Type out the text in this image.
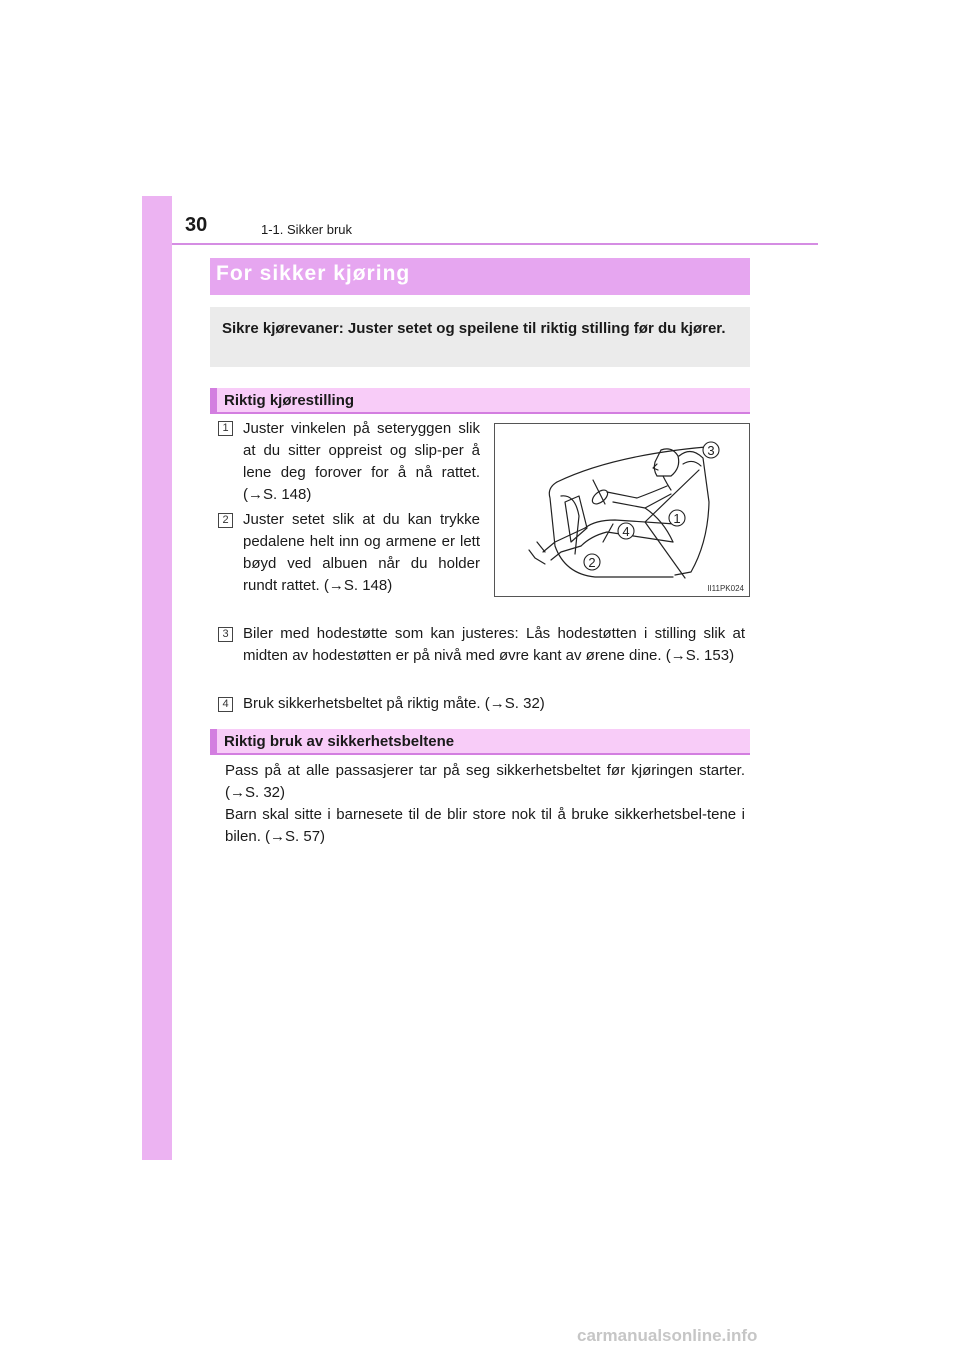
30	1-1. Sikker bruk
For sikker kjøring
Sikre kjørevaner: Juster setet og speilene til riktig stilling før du kjører.
Riktig kjørestilling
1 Juster vinkelen på seteryggen slik at du sitter oppreist og slip-per å lene deg forover for å nå rattet. (→S. 148)
2 Juster setet slik at du kan trykke pedalene helt inn og armene er lett bøyd ved albuen når du holder rundt rattet. (→S. 148)
3 Biler med hodestøtte som kan justeres: Lås hodestøtten i stilling slik at midten av hodestøtten er på nivå med øvre kant av ørene dine. (→S. 153)
4 Bruk sikkerhetsbeltet på riktig måte. (→S. 32)
3
1
4
2
II11PK024
Riktig bruk av sikkerhetsbeltene
Pass på at alle passasjerer tar på seg sikkerhetsbeltet før kjøringen starter. (→S. 32)
Barn skal sitte i barnesete til de blir store nok til å bruke sikkerhetsbel-tene i bilen. (→S. 57)
carmanualsonline.info
